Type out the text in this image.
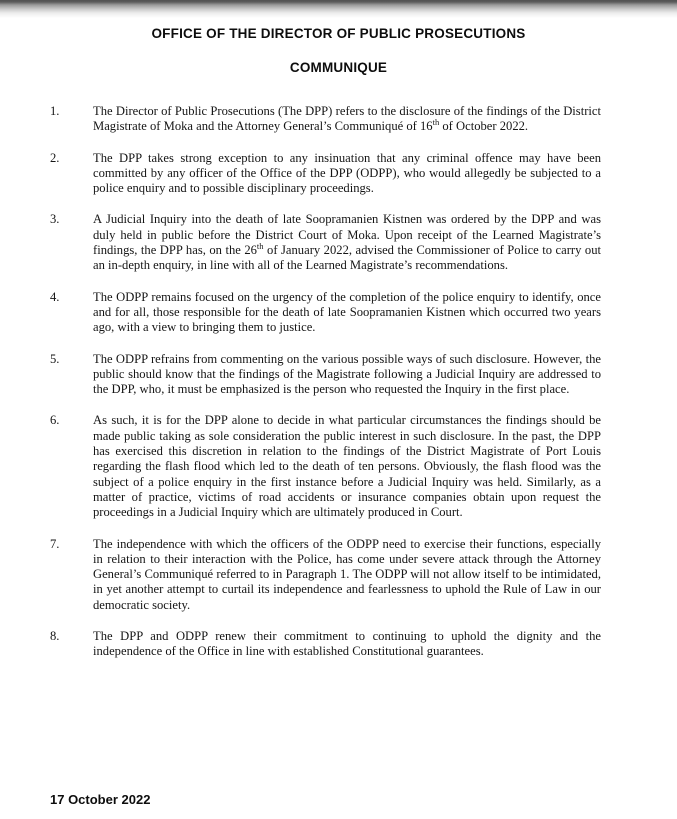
OFFICE OF THE DIRECTOR OF PUBLIC PROSECUTIONS
COMMUNIQUE
1.	The Director of Public Prosecutions (The DPP) refers to the disclosure of the findings of the District Magistrate of Moka and the Attorney General’s Communiqué of 16th of October 2022.
2.	The DPP takes strong exception to any insinuation that any criminal offence may have been committed by any officer of the Office of the DPP (ODPP), who would allegedly be subjected to a police enquiry and to possible disciplinary proceedings.
3.	A Judicial Inquiry into the death of late Soopramanien Kistnen was ordered by the DPP and was duly held in public before the District Court of Moka. Upon receipt of the Learned Magistrate’s findings, the DPP has, on the 26th of January 2022, advised the Commissioner of Police to carry out an in-depth enquiry, in line with all of the Learned Magistrate’s recommendations.
4.	The ODPP remains focused on the urgency of the completion of the police enquiry to identify, once and for all, those responsible for the death of late Soopramanien Kistnen which occurred two years ago, with a view to bringing them to justice.
5.	The ODPP refrains from commenting on the various possible ways of such disclosure. However, the public should know that the findings of the Magistrate following a Judicial Inquiry are addressed to the DPP, who, it must be emphasized is the person who requested the Inquiry in the first place.
6.	As such, it is for the DPP alone to decide in what particular circumstances the findings should be made public taking as sole consideration the public interest in such disclosure. In the past, the DPP has exercised this discretion in relation to the findings of the District Magistrate of Port Louis regarding the flash flood which led to the death of ten persons. Obviously, the flash flood was the subject of a police enquiry in the first instance before a Judicial Inquiry was held. Similarly, as a matter of practice, victims of road accidents or insurance companies obtain upon request the proceedings in a Judicial Inquiry which are ultimately produced in Court.
7.	The independence with which the officers of the ODPP need to exercise their functions, especially in relation to their interaction with the Police, has come under severe attack through the Attorney General’s Communiqué referred to in Paragraph 1. The ODPP will not allow itself to be intimidated, in yet another attempt to curtail its independence and fearlessness to uphold the Rule of Law in our democratic society.
8.	The DPP and ODPP renew their commitment to continuing to uphold the dignity and the independence of the Office in line with established Constitutional guarantees.
17 October 2022
